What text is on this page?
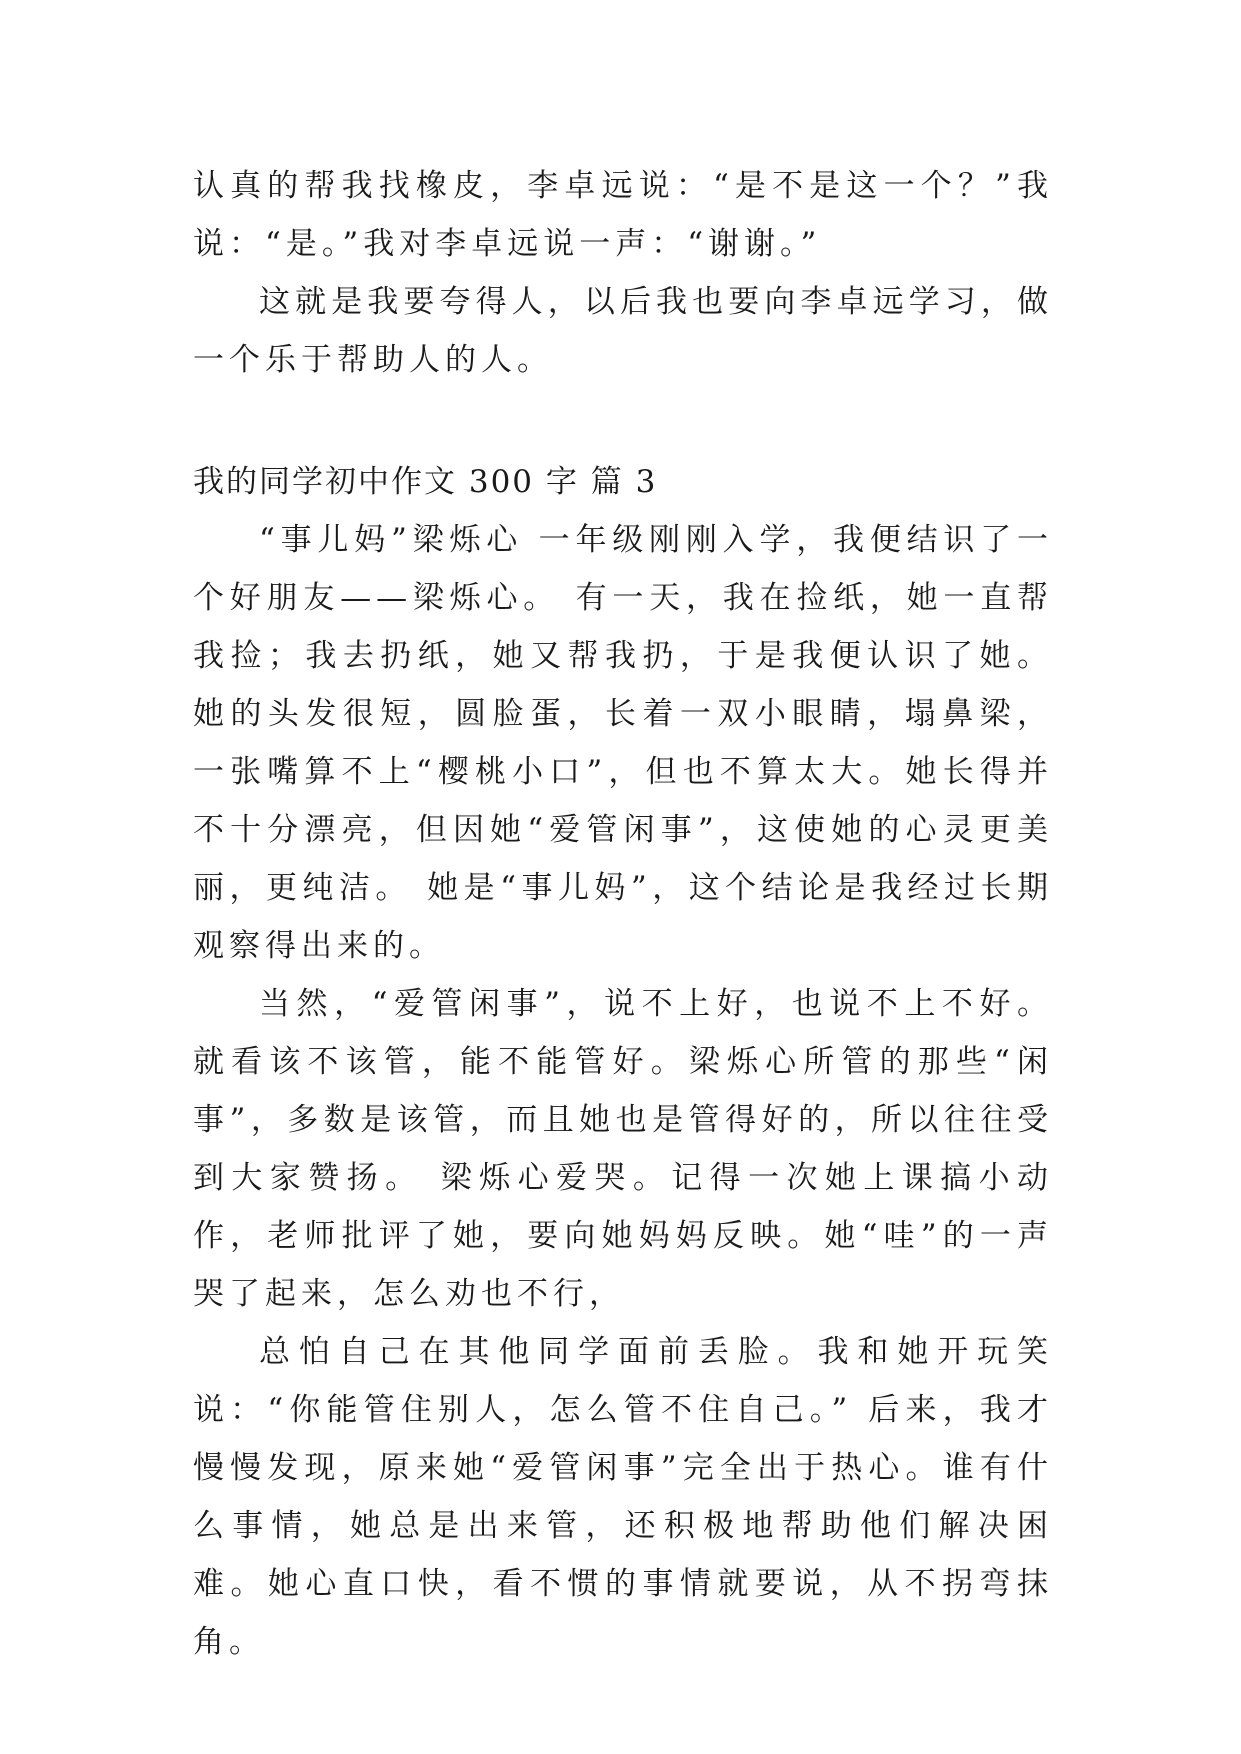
认真的帮我找橡皮，李卓远说：“是不是这一个？”我说：“是。”我对李卓远说一声：“谢谢。”

这就是我要夸得人，以后我也要向李卓远学习，做一个乐于帮助人的人。

我的同学初中作文 300 字 篇 3

“事儿妈”梁烁心 一年级刚刚入学，我便结识了一个好朋友——梁烁心。 有一天，我在捡纸，她一直帮我捡；我去扔纸，她又帮我扔，于是我便认识了她。她的头发很短，圆脸蛋，长着一双小眼睛，塌鼻梁，一张嘴算不上“樱桃小口”，但也不算太大。她长得并不十分漂亮，但因她“爱管闲事”，这使她的心灵更美丽，更纯洁。 她是“事儿妈”，这个结论是我经过长期观察得出来的。

当然，“爱管闲事”，说不上好，也说不上不好。就看该不该管，能不能管好。梁烁心所管的那些“闲事”，多数是该管，而且她也是管得好的，所以往往受到大家赞扬。 梁烁心爱哭。记得一次她上课搞小动作，老师批评了她，要向她妈妈反映。她“哇”的一声哭了起来，怎么劝也不行，

总怕自己在其他同学面前丢脸。我和她开玩笑说：“你能管住别人，怎么管不住自己。” 后来，我才慢慢发现，原来她“爱管闲事”完全出于热心。谁有什么事情，她总是出来管，还积极地帮助他们解决困难。她心直口快，看不惯的事情就要说，从不拐弯抹角。
